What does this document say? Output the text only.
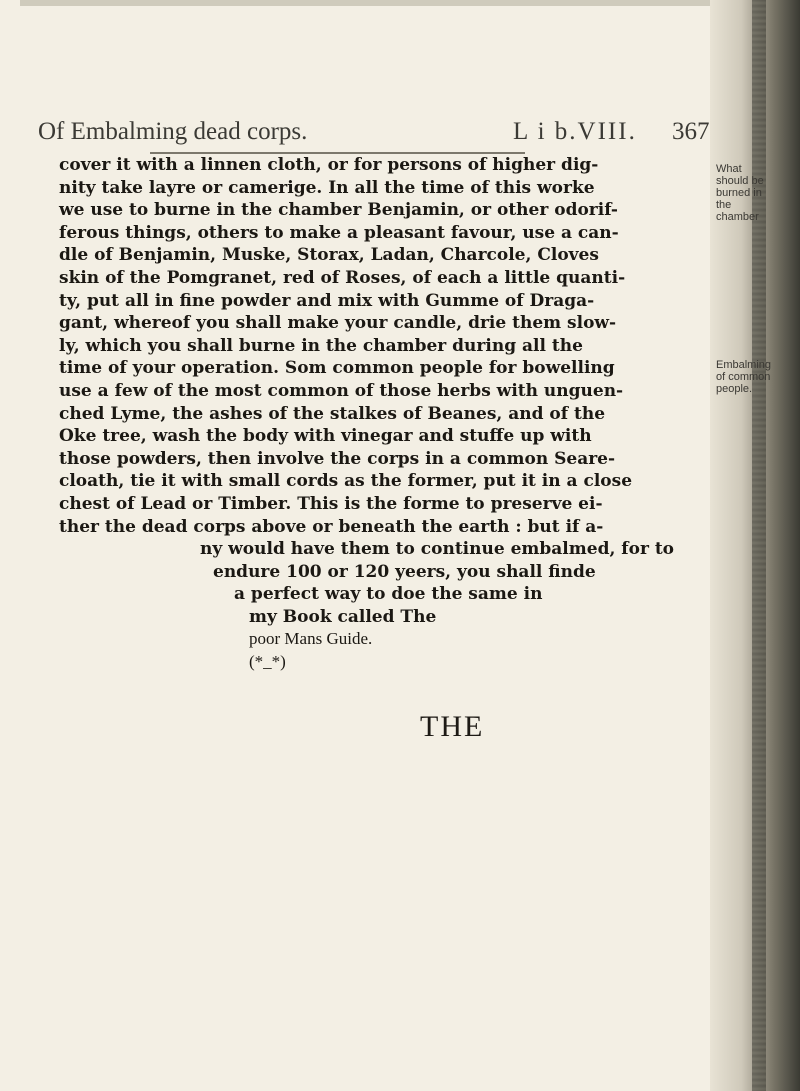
Of Embalming dead corps.	L i b.VIII. 367
cover it with a linnen cloth, or for persons of higher dig-
nity take layre or camerige. In all the time of this worke
we use to burne in the chamber Benjamin, or other odorif-
ferous things, others to make a pleasant favour, use a can-
dle of Benjamin, Muske, Storax, Ladan, Charcole, Cloves
skin of the Pomgranet, red of Roses, of each a little quanti-
ty, put all in fine powder and mix with Gumme of Draga-
gant, whereof you shall make your candle, drie them slow-
ly, which you shall burne in the chamber during all the
time of your operation. Som common people for bowelling
use a few of the most common of those herbs with unguen-
ched Lyme, the ashes of the stalkes of Beanes, and of the
Oke tree, wash the body with vinegar and stuffe up with
those powders, then involve the corps in a common Seare-
cloath, tie it with small cords as the former, put it in a close
chest of Lead or Timber. This is the forme to preserve ei-
ther the dead corps above or beneath the earth : but if a-
ny would have them to continue embalmed, for to
endure 100 or 120 yeers, you shall finde
a perfect way to doe the same in
my Book called The
poor Mans Guide.
(*_*)
What should be burned in the chamber
Embalming of common people.
THE
